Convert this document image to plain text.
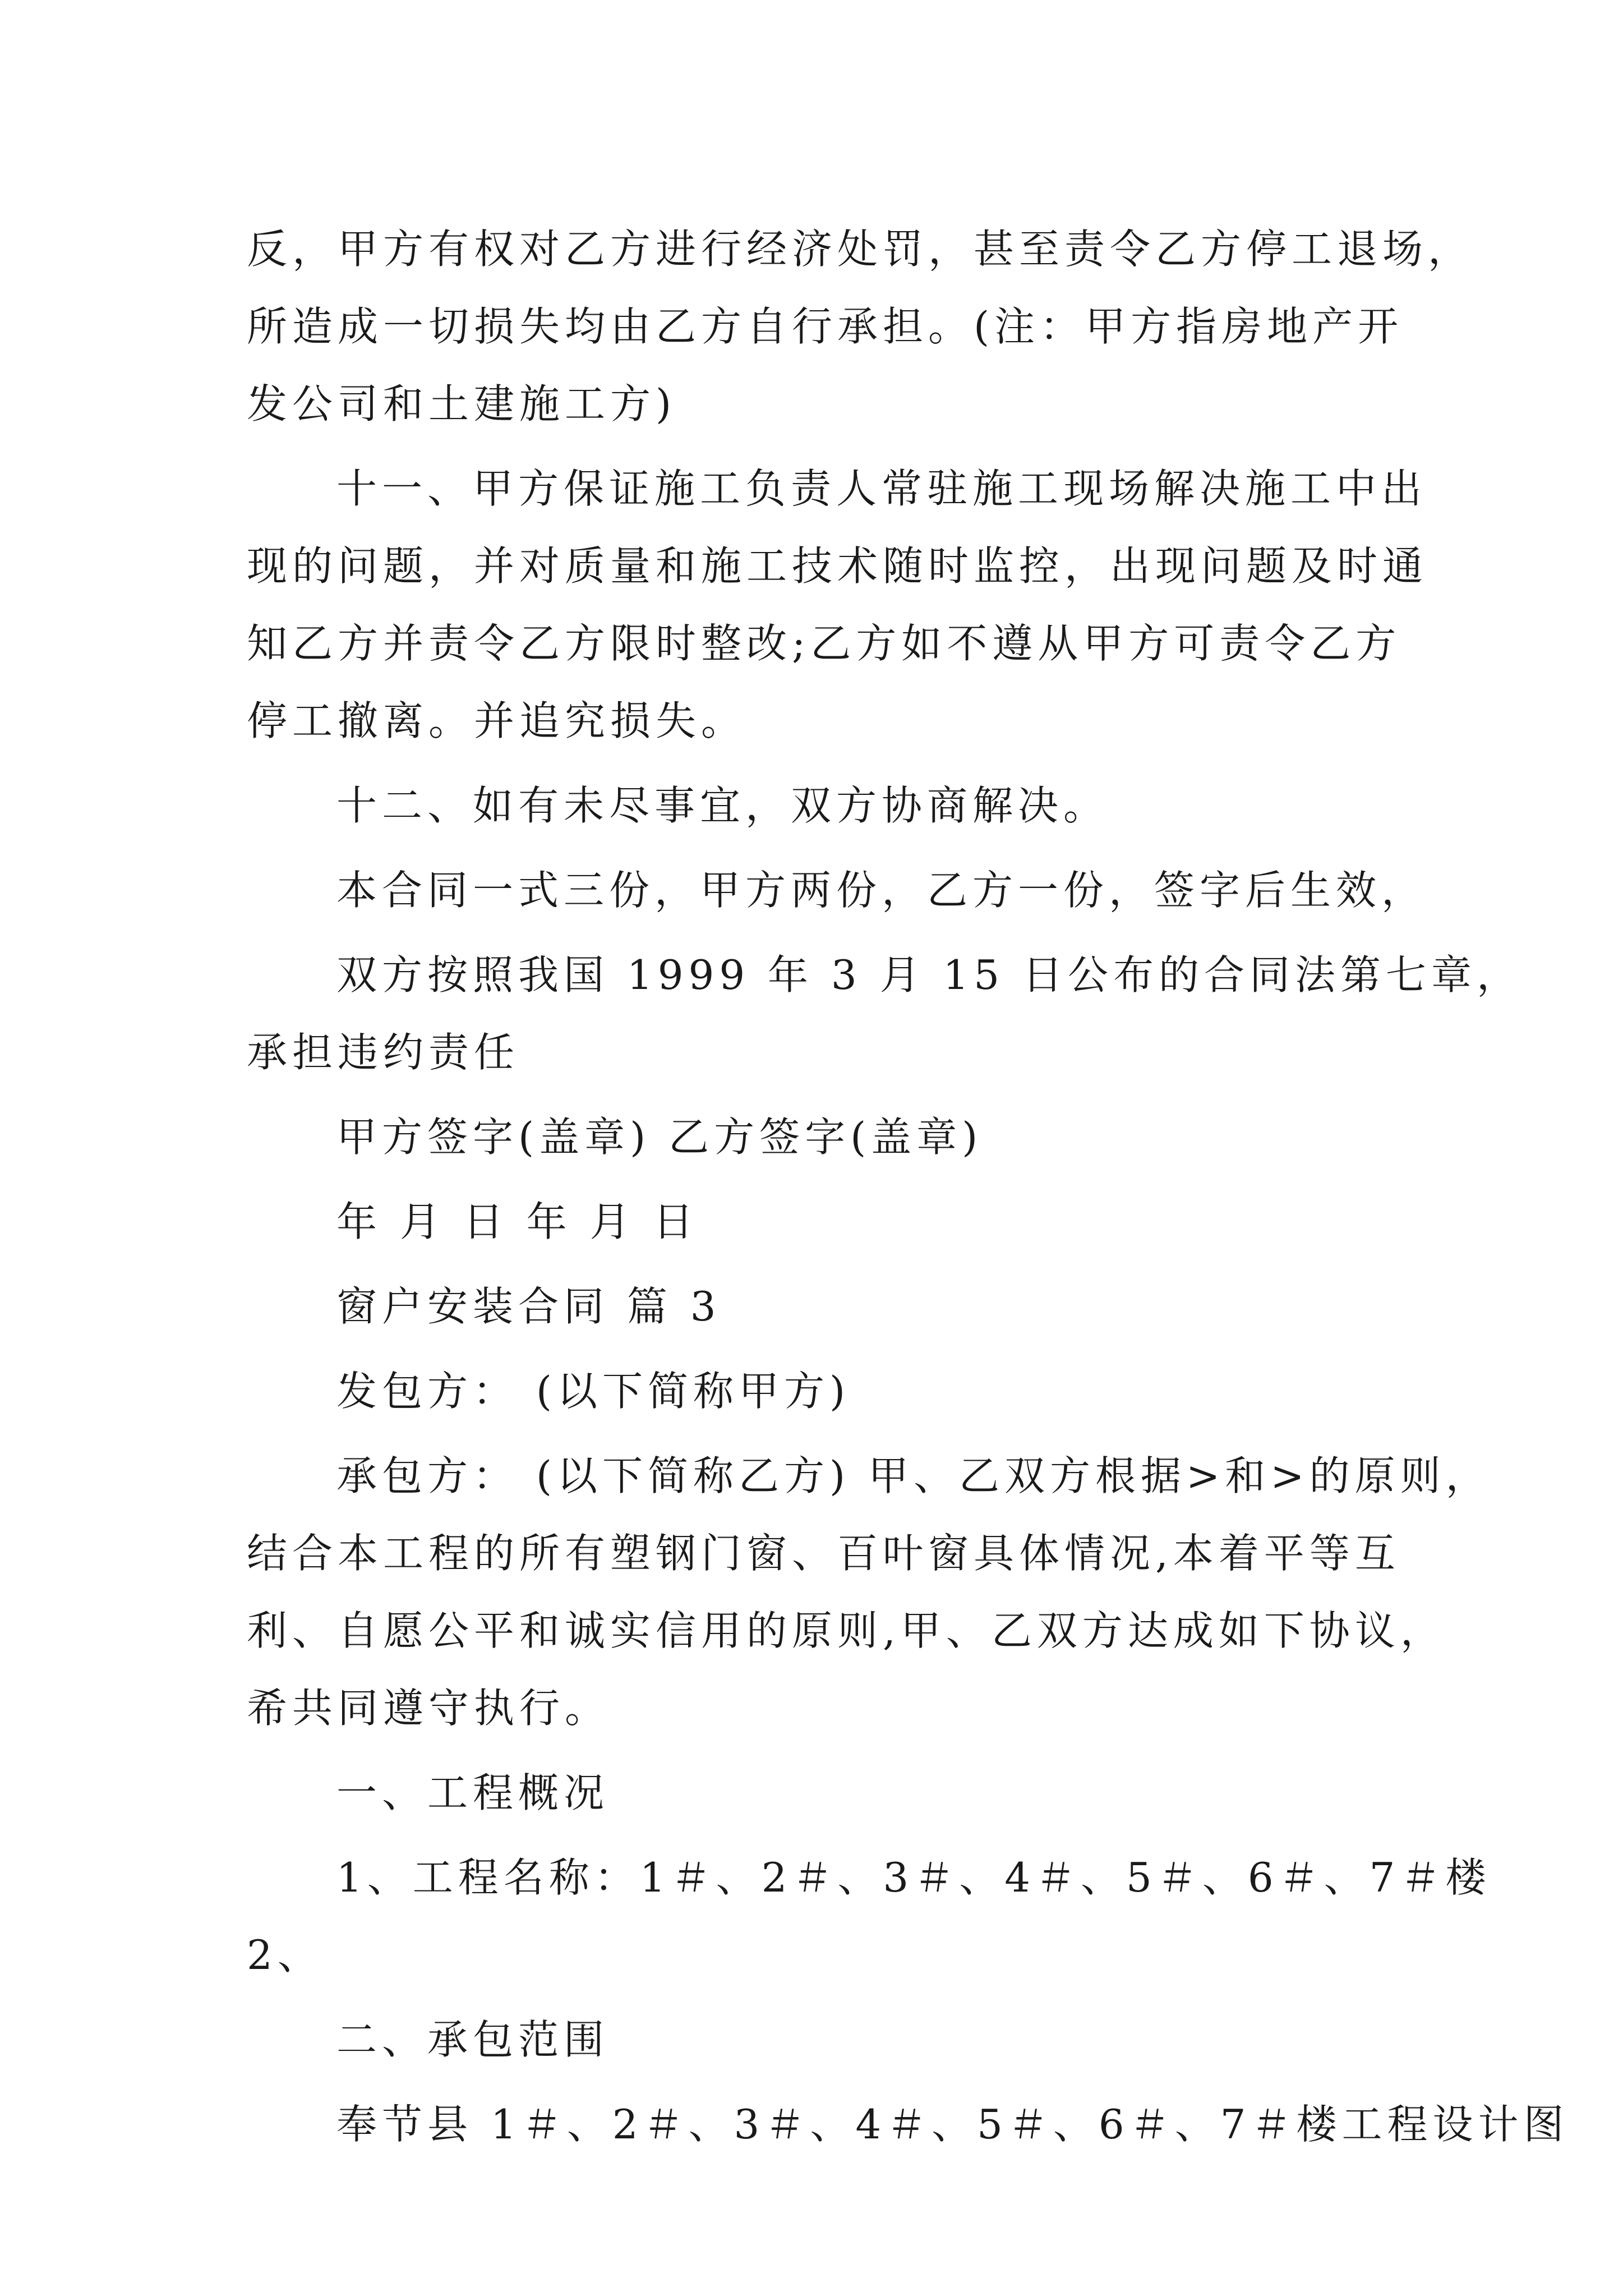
反，甲方有权对乙方进行经济处罚，甚至责令乙方停工退场，
所造成一切损失均由乙方自行承担。(注：甲方指房地产开
发公司和土建施工方)
十一、甲方保证施工负责人常驻施工现场解决施工中出
现的问题，并对质量和施工技术随时监控，出现问题及时通
知乙方并责令乙方限时整改;乙方如不遵从甲方可责令乙方
停工撤离。并追究损失。
十二、如有未尽事宜，双方协商解决。
本合同一式三份，甲方两份，乙方一份，签字后生效，
双方按照我国 1999 年 3 月 15 日公布的合同法第七章，
承担违约责任
甲方签字(盖章) 乙方签字(盖章)
年 月 日 年 月 日
窗户安装合同 篇 3
发包方： (以下简称甲方)
承包方： (以下简称乙方) 甲、乙双方根据>和>的原则，
结合本工程的所有塑钢门窗、百叶窗具体情况,本着平等互
利、自愿公平和诚实信用的原则,甲、乙双方达成如下协议，
希共同遵守执行。
一、工程概况
1、工程名称：1＃、2＃、3＃、4＃、5＃、6＃、7＃楼
2、
二、承包范围
奉节县 1＃、2＃、3＃、4＃、5＃、6＃、7＃楼工程设计图
